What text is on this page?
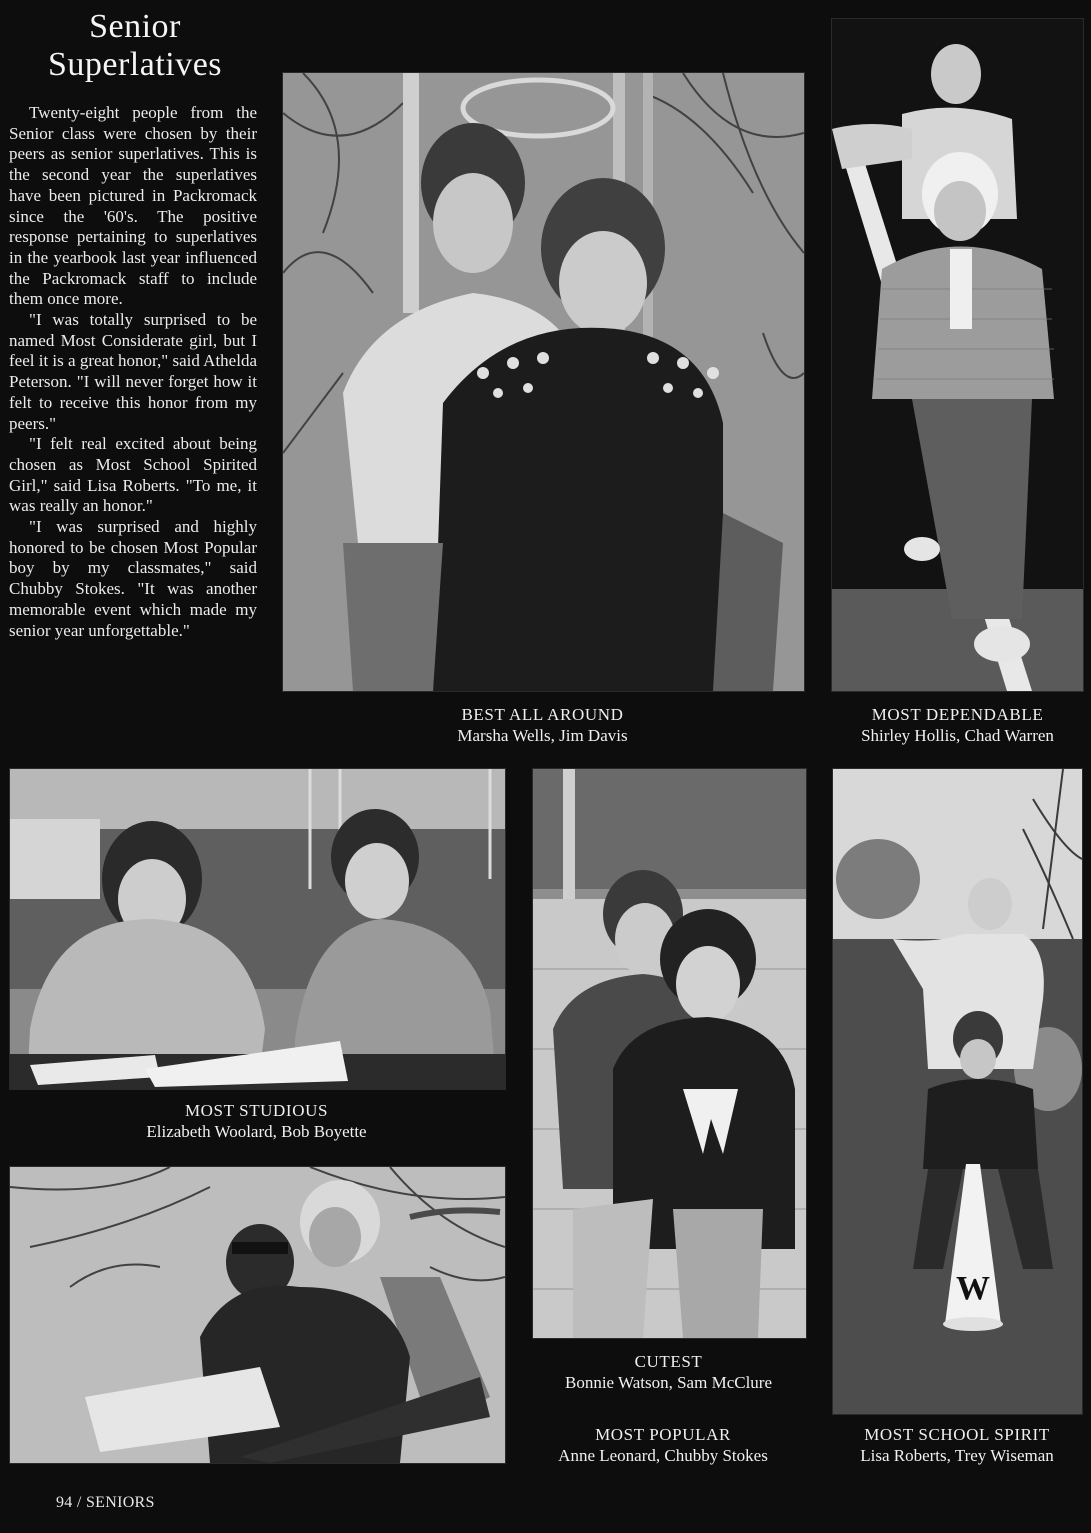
Senior
Superlatives

Twenty-eight people from the Senior class were chosen by their peers as senior superlatives. This is the second year the superlatives have been pictured in Packromack since the '60's. The positive response pertaining to superlatives in the yearbook last year influenced the Packromack staff to include them once more.

"I was totally surprised to be named Most Considerate girl, but I feel it is a great honor," said Athelda Peterson. "I will never forget how it felt to receive this honor from my peers."

"I felt real excited about being chosen as Most School Spirited Girl," said Lisa Roberts. "To me, it was really an honor."

"I was surprised and highly honored to be chosen Most Popular boy by my classmates," said Chubby Stokes. "It was another memorable event which made my senior year unforgettable."

BEST ALL AROUND
Marsha Wells, Jim Davis
MOST DEPENDABLE
Shirley Hollis, Chad Warren
MOST STUDIOUS
Elizabeth Woolard, Bob Boyette
CUTEST
Bonnie Watson, Sam McClure
W
MOST SCHOOL SPIRIT
Lisa Roberts, Trey Wiseman
MOST POPULAR
Anne Leonard, Chubby Stokes
94 / SENIORS
